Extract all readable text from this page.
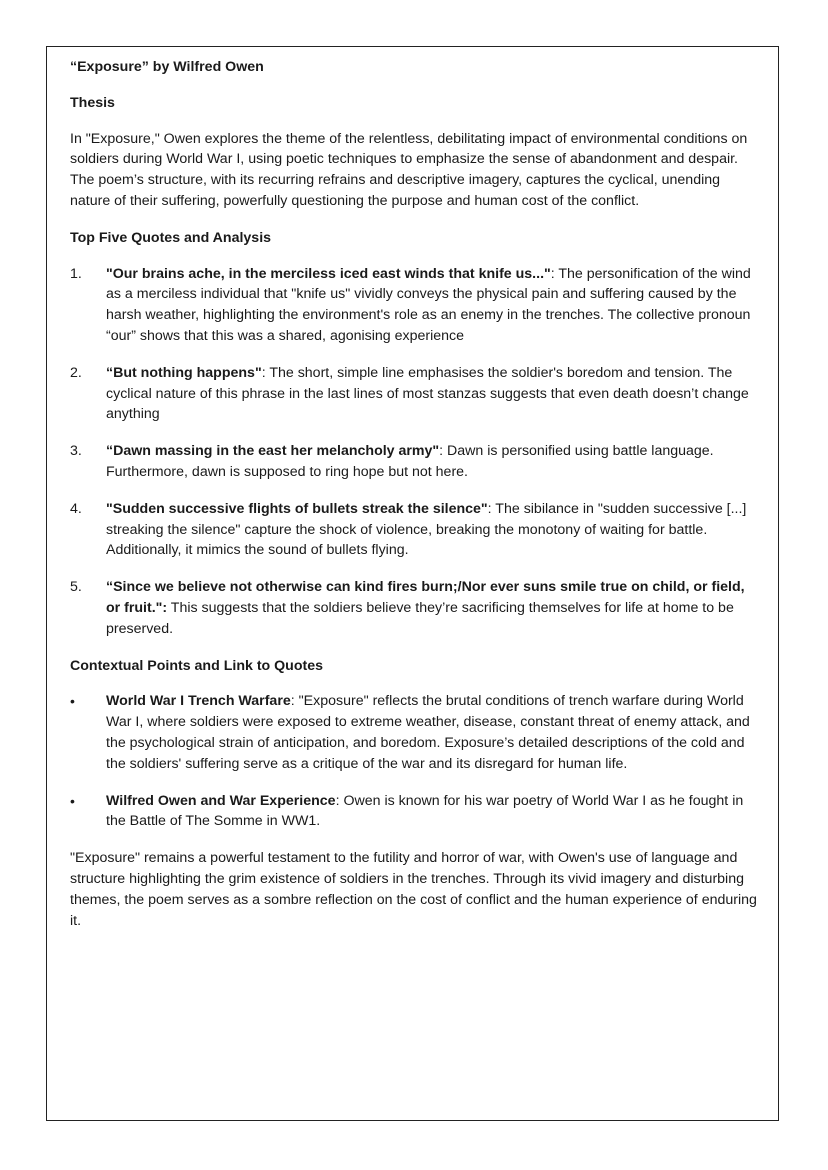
“Exposure” by Wilfred Owen
Thesis

In "Exposure," Owen explores the theme of the relentless, debilitating impact of environmental conditions on soldiers during World War I, using poetic techniques to emphasize the sense of abandonment and despair. The poem’s structure, with its recurring refrains and descriptive imagery, captures the cyclical, unending nature of their suffering, powerfully questioning the purpose and human cost of the conflict.

Top Five Quotes and Analysis
1.	"Our brains ache, in the merciless iced east winds that knife us...": The personification of the wind as a merciless individual that "knife us" vividly conveys the physical pain and suffering caused by the harsh weather, highlighting the environment's role as an enemy in the trenches. The collective pronoun “our” shows that this was a shared, agonising experience
2.	“But nothing happens": The short, simple line emphasises the soldier's boredom and tension. The cyclical nature of this phrase in the last lines of most stanzas suggests that even death doesn’t change anything
3.	“Dawn massing in the east her melancholy army": Dawn is personified using battle language. Furthermore, dawn is supposed to ring hope but not here.
4.	"Sudden successive flights of bullets streak the silence": The sibilance in "sudden successive [...] streaking the silence" capture the shock of violence, breaking the monotony of waiting for battle. Additionally, it mimics the sound of bullets flying.
5.	“Since we believe not otherwise can kind fires burn;/Nor ever suns smile true on child, or field, or fruit.": This suggests that the soldiers believe they’re sacrificing themselves for life at home to be preserved.
Contextual Points and Link to Quotes
•	World War I Trench Warfare: "Exposure" reflects the brutal conditions of trench warfare during World War I, where soldiers were exposed to extreme weather, disease, constant threat of enemy attack, and the psychological strain of anticipation, and boredom. Exposure’s detailed descriptions of the cold and the soldiers' suffering serve as a critique of the war and its disregard for human life.
•	Wilfred Owen and War Experience: Owen is known for his war poetry of World War I as he fought in the Battle of The Somme in WW1.

"Exposure" remains a powerful testament to the futility and horror of war, with Owen's use of language and structure highlighting the grim existence of soldiers in the trenches. Through its vivid imagery and disturbing themes, the poem serves as a sombre reflection on the cost of conflict and the human experience of enduring it.
